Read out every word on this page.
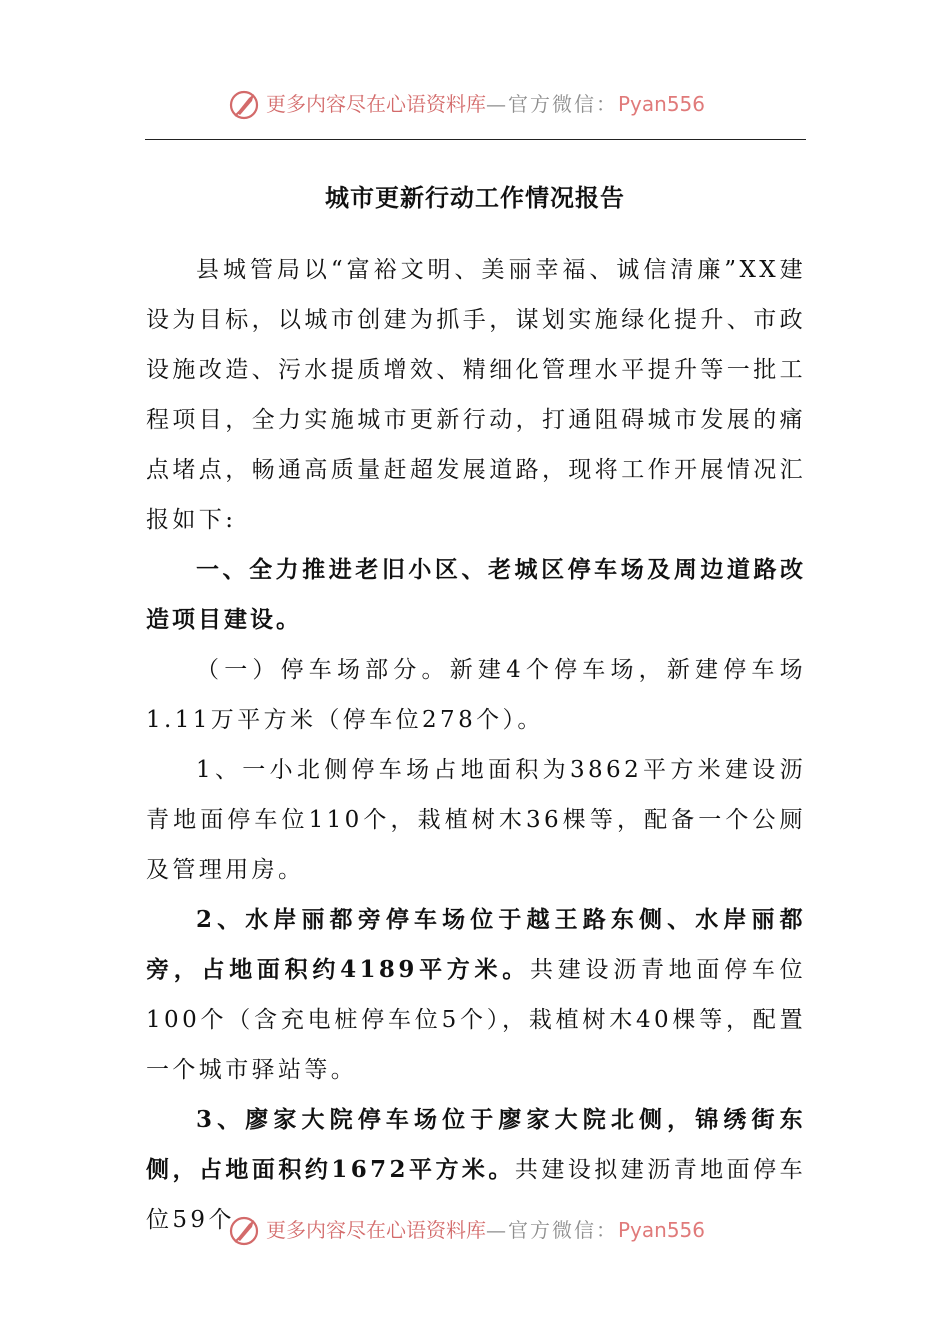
更多内容尽在心语资料库—官方微信：Pyan556
城市更新行动工作情况报告

县城管局以“富裕文明、美丽幸福、诚信清廉”XX建设为目标，以城市创建为抓手，谋划实施绿化提升、市政设施改造、污水提质增效、精细化管理水平提升等一批工程项目，全力实施城市更新行动，打通阻碍城市发展的痛点堵点，畅通高质量赶超发展道路，现将工作开展情况汇报如下:

一、全力推进老旧小区、老城区停车场及周边道路改造项目建设。

（一）停车场部分。新建4个停车场，新建停车场1.11万平方米（停车位278个）。

1、一小北侧停车场占地面积为3862平方米建设沥青地面停车位110个，栽植树木36棵等，配备一个公厕及管理用房。

2、水岸丽都旁停车场位于越王路东侧、水岸丽都旁，占地面积约4189平方米。共建设沥青地面停车位100个（含充电桩停车位5个），栽植树木40棵等，配置一个城市驿站等。

3、廖家大院停车场位于廖家大院北侧，锦绣街东侧，占地面积约1672平方米。共建设拟建沥青地面停车位59个	更多内容尽在心语资料库—官方微信：Pyan556
